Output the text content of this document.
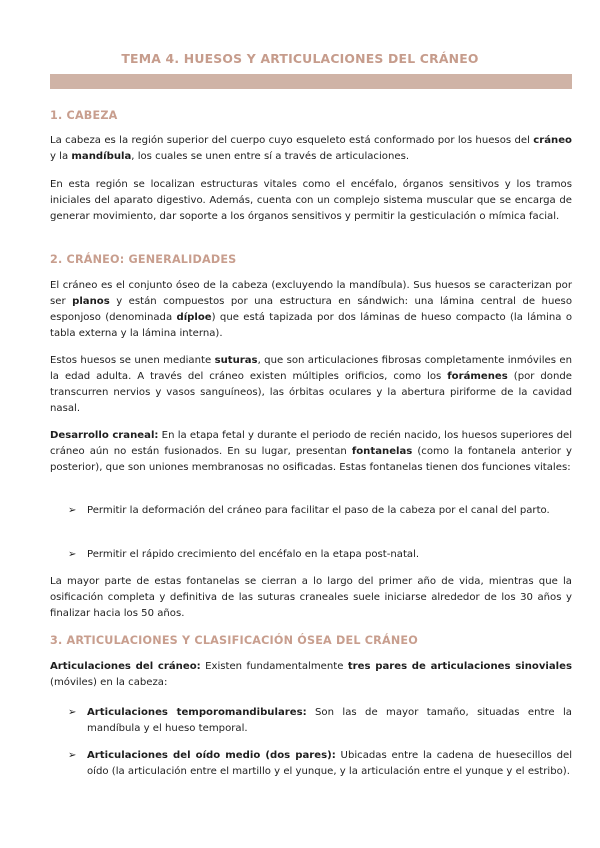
TEMA 4. HUESOS Y ARTICULACIONES DEL CRÁNEO
1. CABEZA

La cabeza es la región superior del cuerpo cuyo esqueleto está conformado por los huesos del cráneo y la mandíbula, los cuales se unen entre sí a través de articulaciones.

En esta región se localizan estructuras vitales como el encéfalo, órganos sensitivos y los tramos iniciales del aparato digestivo. Además, cuenta con un complejo sistema muscular que se encarga de generar movimiento, dar soporte a los órganos sensitivos y permitir la gesticulación o mímica facial.

2. CRÁNEO: GENERALIDADES

El cráneo es el conjunto óseo de la cabeza (excluyendo la mandíbula). Sus huesos se caracterizan por ser planos y están compuestos por una estructura en sándwich: una lámina central de hueso esponjoso (denominada díploe) que está tapizada por dos láminas de hueso compacto (la lámina o tabla externa y la lámina interna).

Estos huesos se unen mediante suturas, que son articulaciones fibrosas completamente inmóviles en la edad adulta. A través del cráneo existen múltiples orificios, como los forámenes (por donde transcurren nervios y vasos sanguíneos), las órbitas oculares y la abertura piriforme de la cavidad nasal.

Desarrollo craneal: En la etapa fetal y durante el periodo de recién nacido, los huesos superiores del cráneo aún no están fusionados. En su lugar, presentan fontanelas (como la fontanela anterior y posterior), que son uniones membranosas no osificadas. Estas fontanelas tienen dos funciones vitales:

➢	Permitir la deformación del cráneo para facilitar el paso de la cabeza por el canal del parto.

➢	Permitir el rápido crecimiento del encéfalo en la etapa post-natal.

La mayor parte de estas fontanelas se cierran a lo largo del primer año de vida, mientras que la osificación completa y definitiva de las suturas craneales suele iniciarse alrededor de los 30 años y finalizar hacia los 50 años.

3. ARTICULACIONES Y CLASIFICACIÓN ÓSEA DEL CRÁNEO

Articulaciones del cráneo: Existen fundamentalmente tres pares de articulaciones sinoviales (móviles) en la cabeza:

➢	Articulaciones temporomandibulares: Son las de mayor tamaño, situadas entre la mandíbula y el hueso temporal.

➢	Articulaciones del oído medio (dos pares): Ubicadas entre la cadena de huesecillos del oído (la articulación entre el martillo y el yunque, y la articulación entre el yunque y el estribo).
